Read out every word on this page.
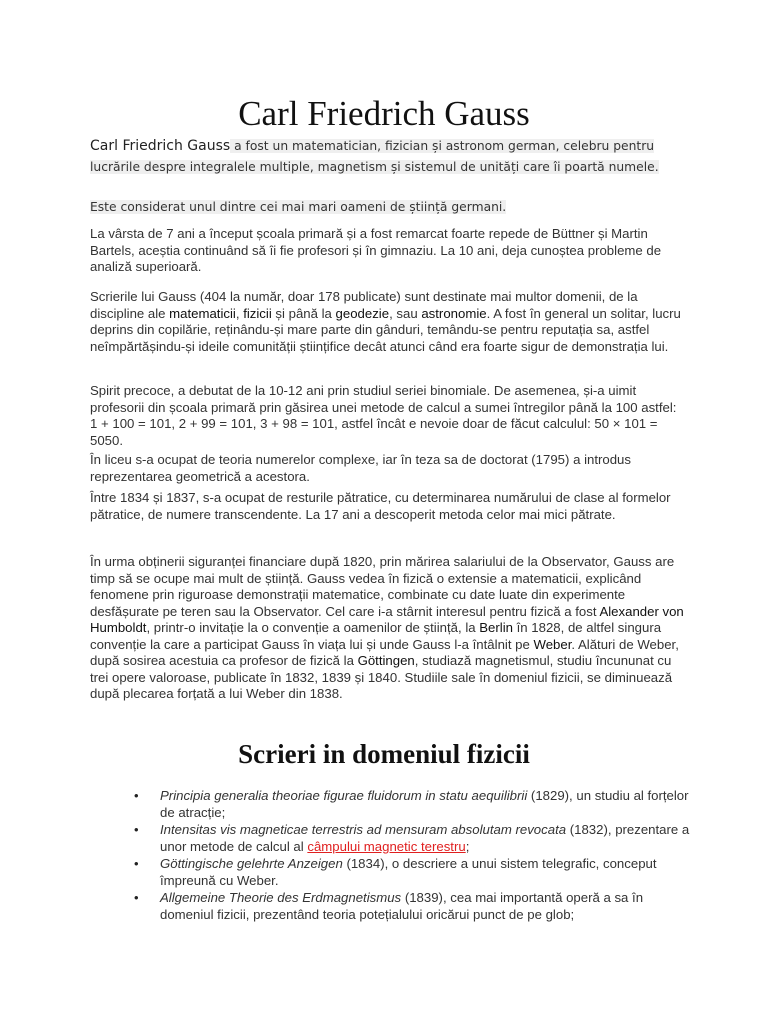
Carl Friedrich Gauss

Carl Friedrich Gauss a fost un matematician, fizician și astronom german, celebru pentru lucrările despre integralele multiple, magnetism și sistemul de unități care îi poartă numele.

Este considerat unul dintre cei mai mari oameni de știință germani.

La vârsta de 7 ani a început școala primară și a fost remarcat foarte repede de Büttner și Martin Bartels, aceștia continuând să îi fie profesori și în gimnaziu. La 10 ani, deja cunoștea probleme de analiză superioară.

Scrierile lui Gauss (404 la număr, doar 178 publicate) sunt destinate mai multor domenii, de la discipline ale matematicii, fizicii și până la geodezie, sau astronomie. A fost în general un solitar, lucru deprins din copilărie, reținându-și mare parte din gânduri, temându-se pentru reputația sa, astfel neîmpărtășindu-și ideile comunității științifice decât atunci când era foarte sigur de demonstrația lui.

Spirit precoce, a debutat de la 10-12 ani prin studiul seriei binomiale. De asemenea, și-a uimit profesorii din școala primară prin găsirea unei metode de calcul a sumei întregilor până la 100 astfel: 1 + 100 = 101, 2 + 99 = 101, 3 + 98 = 101, astfel încât e nevoie doar de făcut calculul: 50 × 101 = 5050.

În liceu s-a ocupat de teoria numerelor complexe, iar în teza sa de doctorat (1795) a introdus reprezentarea geometrică a acestora.

Între 1834 și 1837, s-a ocupat de resturile pătratice, cu determinarea numărului de clase al formelor pătratice, de numere transcendente. La 17 ani a descoperit metoda celor mai mici pătrate.

În urma obținerii siguranței financiare după 1820, prin mărirea salariului de la Observator, Gauss are timp să se ocupe mai mult de știință. Gauss vedea în fizică o extensie a matematicii, explicând fenomene prin riguroase demonstrații matematice, combinate cu date luate din experimente desfășurate pe teren sau la Observator. Cel care i-a stârnit interesul pentru fizică a fost Alexander von Humboldt, printr-o invitație la o convenție a oamenilor de știință, la Berlin în 1828, de altfel singura convenție la care a participat Gauss în viața lui și unde Gauss l-a întâlnit pe Weber. Alături de Weber, după sosirea acestuia ca profesor de fizică la Göttingen, studiază magnetismul, studiu încununat cu trei opere valoroase, publicate în 1832, 1839 și 1840. Studiile sale în domeniul fizicii, se diminuează după plecarea forțată a lui Weber din 1838.

Scrieri in domeniul fizicii
• Principia generalia theoriae figurae fluidorum in statu aequilibrii (1829), un studiu al forțelor de atracție;
• Intensitas vis magneticae terrestris ad mensuram absolutam revocata (1832), prezentare a unor metode de calcul al câmpului magnetic terestru;
• Göttingische gelehrte Anzeigen (1834), o descriere a unui sistem telegrafic, conceput împreună cu Weber.
• Allgemeine Theorie des Erdmagnetismus (1839), cea mai importantă operă a sa în domeniul fizicii, prezentând teoria potețialului oricărui punct de pe glob;
